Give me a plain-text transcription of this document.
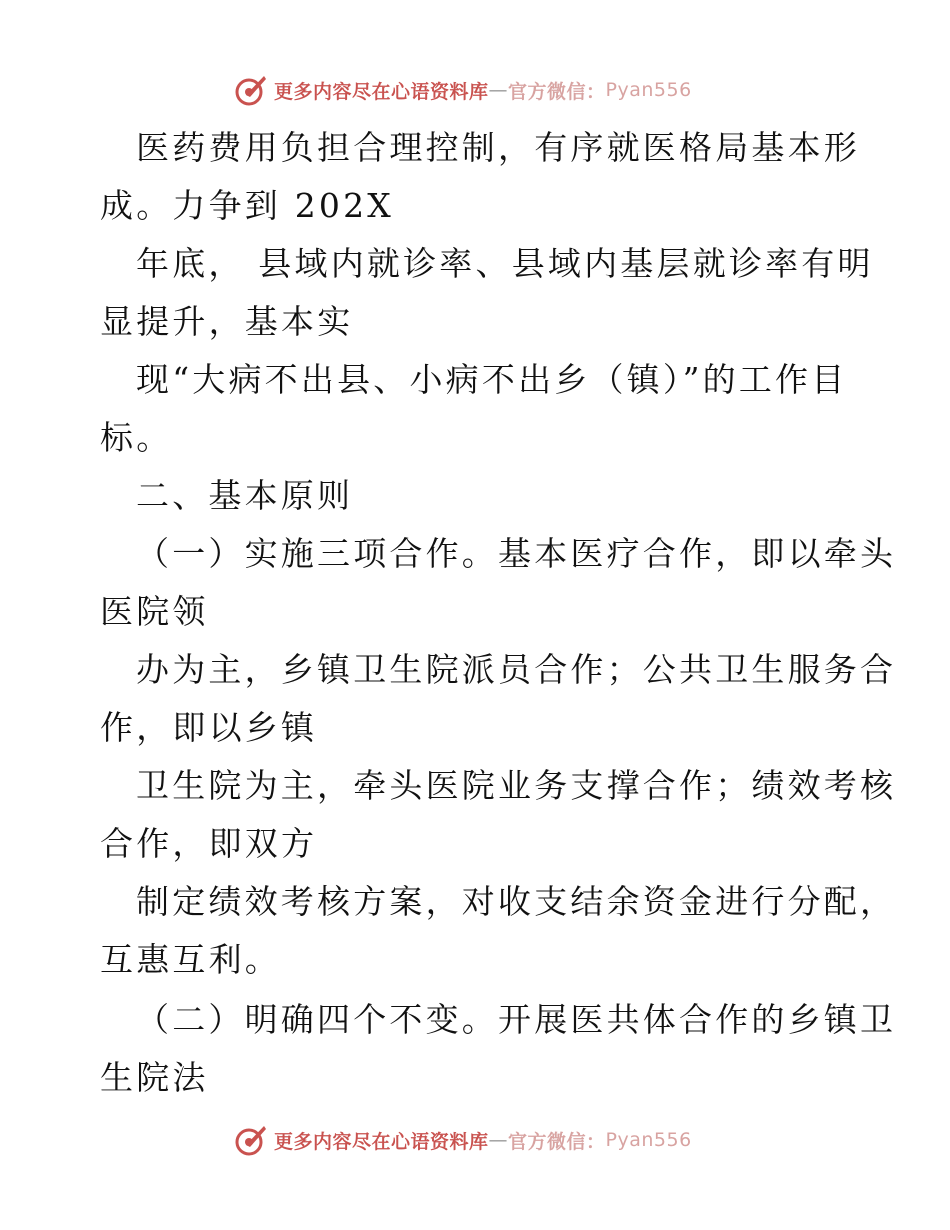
更多内容尽在心语资料库 — 官方微信： Pyan556
医药费用负担合理控制，有序就医格局基本形
成。力争到 202X
年底， 县域内就诊率、县域内基层就诊率有明
显提升，基本实
现“大病不出县、小病不出乡（镇）”的工作目
标。
二、基本原则
（一）实施三项合作。基本医疗合作，即以牵头
医院领
办为主，乡镇卫生院派员合作；公共卫生服务合
作，即以乡镇
卫生院为主，牵头医院业务支撑合作；绩效考核
合作，即双方
制定绩效考核方案，对收支结余资金进行分配，
互惠互利。
（二）明确四个不变。开展医共体合作的乡镇卫
生院法
更多内容尽在心语资料库 — 官方微信： Pyan556
